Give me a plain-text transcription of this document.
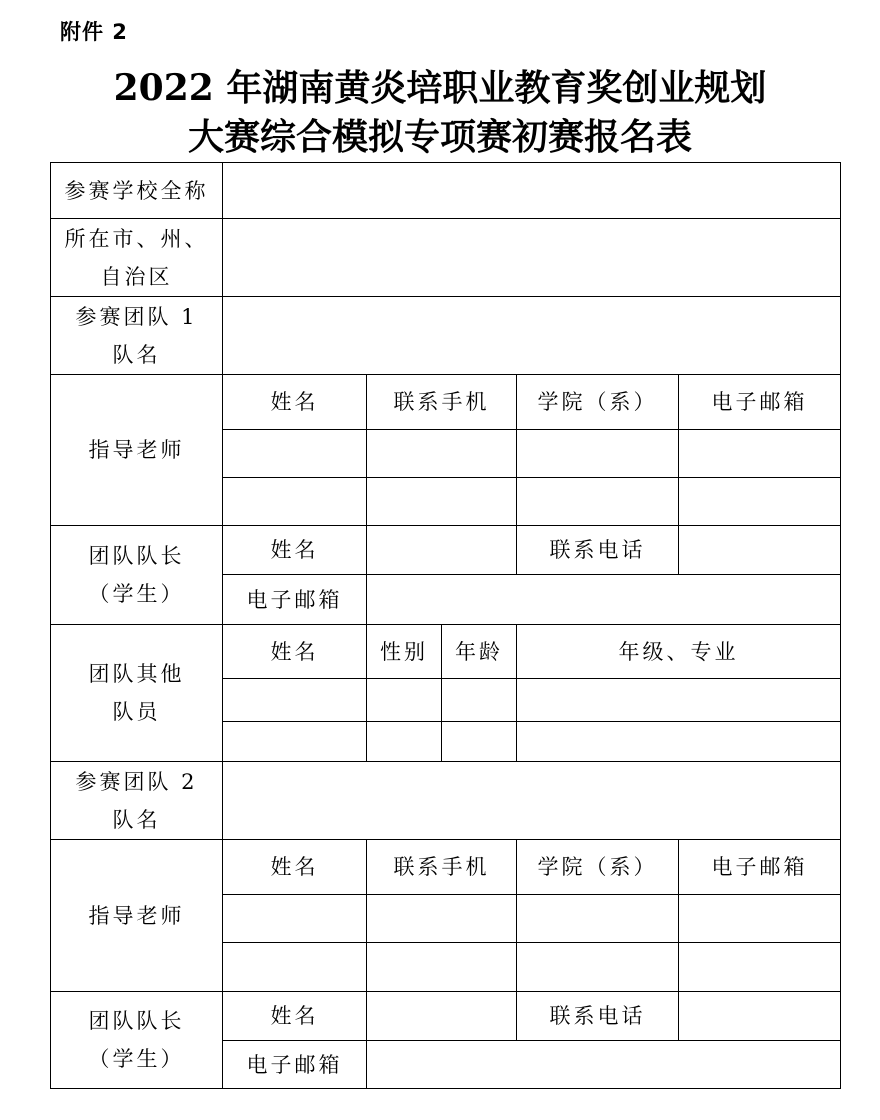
附件 2
2022 年湖南黄炎培职业教育奖创业规划
大赛综合模拟专项赛初赛报名表
参赛学校全称					
所在市、州、自治区					
参赛团队 1 队名					
指导老师	姓名	联系手机		学院（系）	电子邮箱

团队队长（学生）	姓名			联系电话	
	电子邮箱				
团队其他队员	姓名	性别	年龄	年级、专业	

参赛团队 2 队名					
指导老师	姓名	联系手机		学院（系）	电子邮箱

团队队长（学生）	姓名			联系电话	
	电子邮箱				
